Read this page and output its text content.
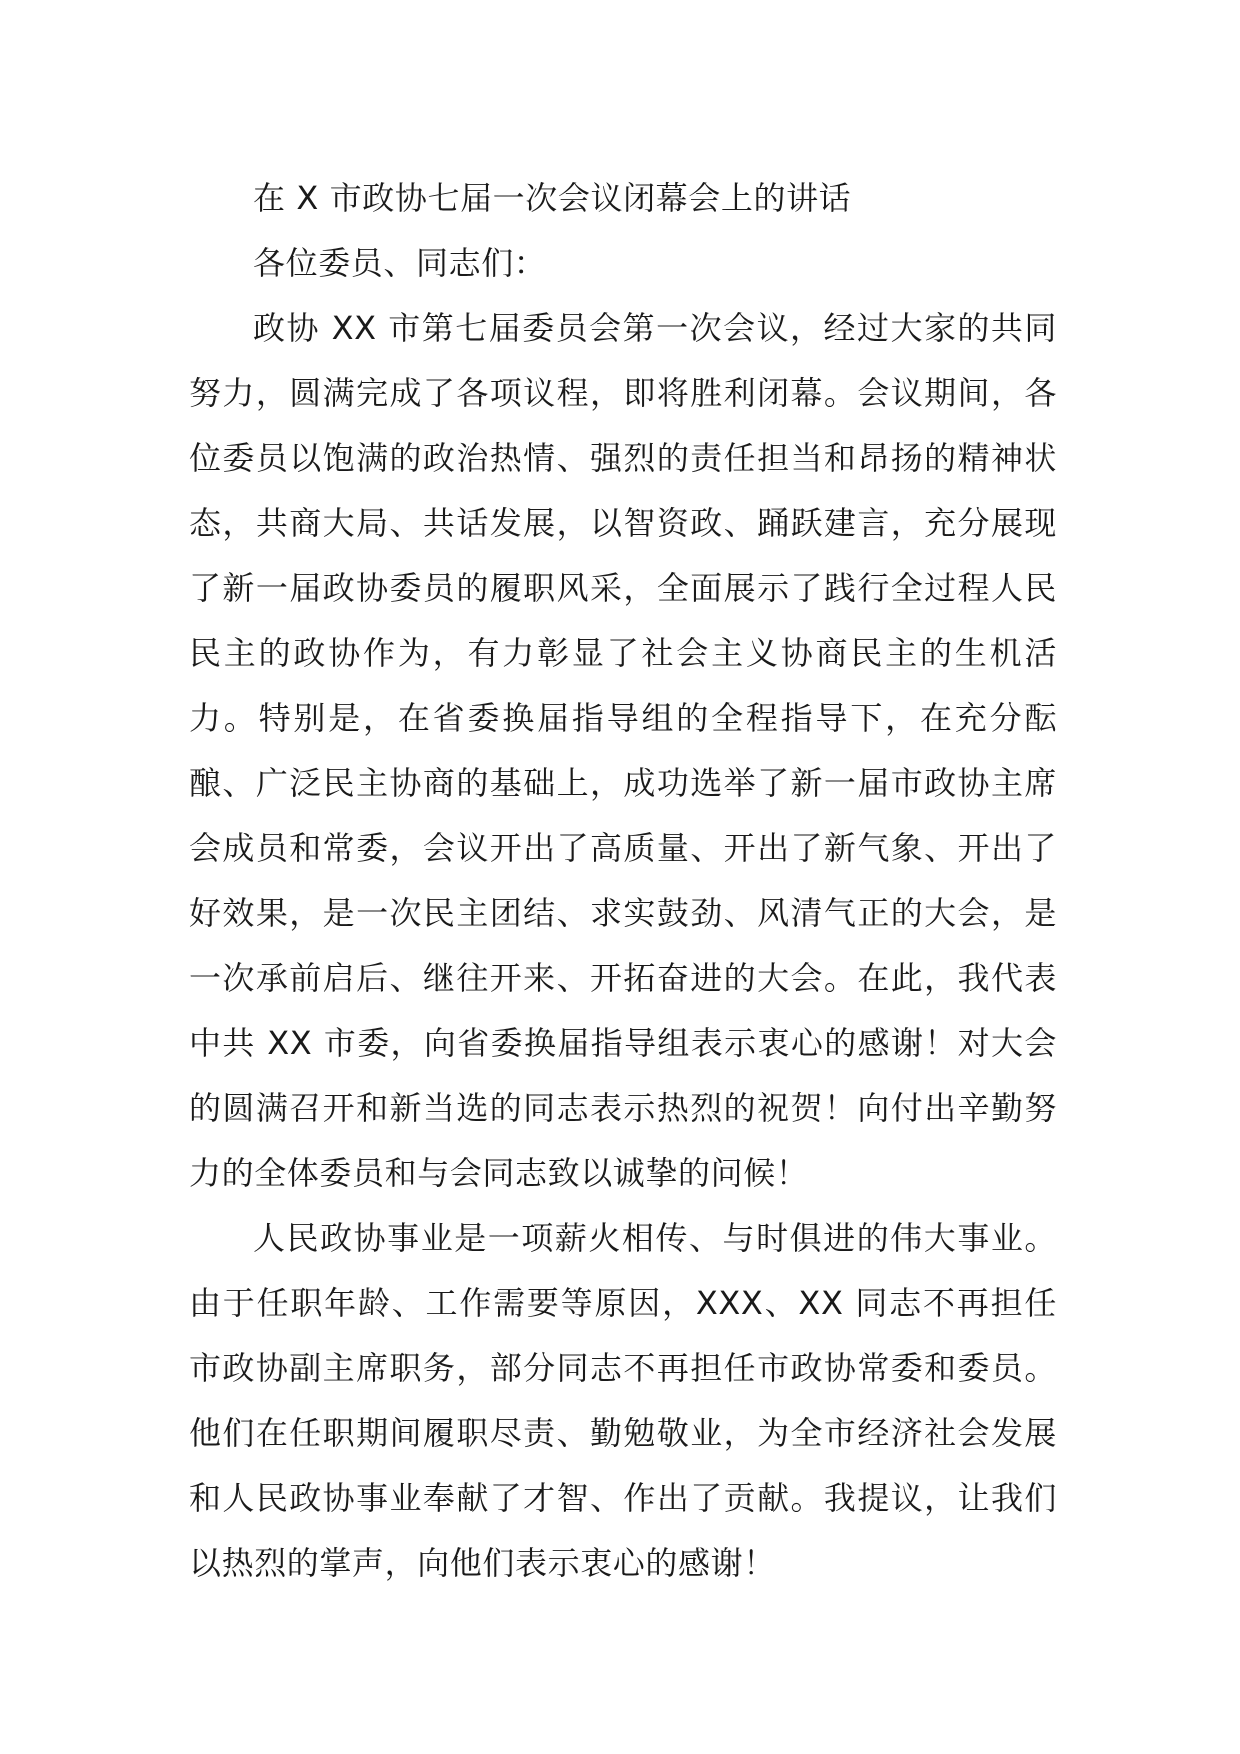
在 X 市政协七届一次会议闭幕会上的讲话

各位委员、同志们：

政协 XX 市第七届委员会第一次会议，经过大家的共同努力，圆满完成了各项议程，即将胜利闭幕。会议期间，各位委员以饱满的政治热情、强烈的责任担当和昂扬的精神状态，共商大局、共话发展，以智资政、踊跃建言，充分展现了新一届政协委员的履职风采，全面展示了践行全过程人民民主的政协作为，有力彰显了社会主义协商民主的生机活力。特别是，在省委换届指导组的全程指导下，在充分酝酿、广泛民主协商的基础上，成功选举了新一届市政协主席会成员和常委，会议开出了高质量、开出了新气象、开出了好效果，是一次民主团结、求实鼓劲、风清气正的大会，是一次承前启后、继往开来、开拓奋进的大会。在此，我代表中共 XX 市委，向省委换届指导组表示衷心的感谢！对大会的圆满召开和新当选的同志表示热烈的祝贺！向付出辛勤努力的全体委员和与会同志致以诚挚的问候！

人民政协事业是一项薪火相传、与时俱进的伟大事业。由于任职年龄、工作需要等原因，XXX、XX 同志不再担任市政协副主席职务，部分同志不再担任市政协常委和委员。他们在任职期间履职尽责、勤勉敬业，为全市经济社会发展和人民政协事业奉献了才智、作出了贡献。我提议，让我们以热烈的掌声，向他们表示衷心的感谢！
